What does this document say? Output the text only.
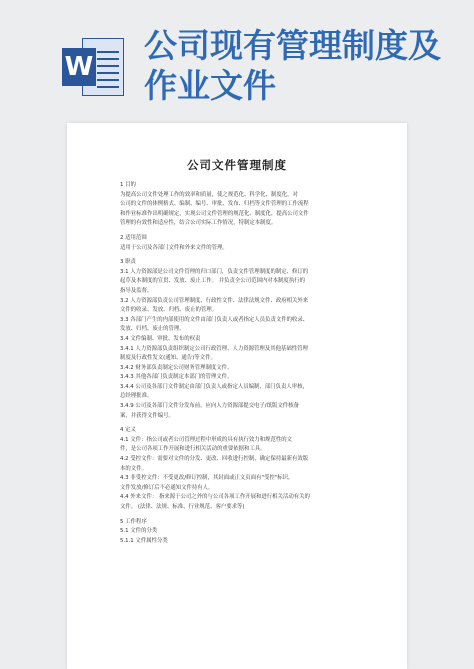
W
公司现有管理制度及作业文件
公司文件管理制度

1 目的

为提高公司文件处理工作的效率和质量，使之规范化、科学化、制度化，对

公司的文件的体例格式、编制、编号、审批、发布、归档等文件管理的工作流程

和作业标准作出明确规定，实现公司文件管理的规范化、制度化，提高公司文件

管理的有效性和适应性，结合公司实际工作情况，特制定本制度。

2 适用范围

适用于公司及各部门文件和外来文件的管理。

3 职责

3.1 人力资源部是公司文件管理的归口部门，负责文件管理制度的制定、修订的

起草及本制度的宣贯、发放、废止工作。 并负责全公司范围内对本制度执行的

指导及监督。

3.2 人力资源部负责公司管理制度、行政性文件、法律法规文件、政府相关外来

文件的收录、发放、归档、废止的管理。

3.3 各部门产生的内部使用的文件由部门负责人或者指定人员负责文件的收录、

发放、归档、废止的管理。

3.4 文件编制、审批、发布的权责

3.4.1 人力资源部负责组织制定公司行政管理、人力资源管理及其他基础性管理

制度及行政性发文(通知、通告)等文件。

3.4.2 财务部负责制定公司财务管理制度文件。

3.4.3 其他各部门负责制定本部门的管理文件。

3.4.4 公司及各部门文件制定由部门负责人或指定人员编制，部门负责人审核，

总经理批准。

3.4.9 公司及各部门文件分发布前，应向人力资源部提交电子/纸版文件核备

案，并获得文件编号。

4 定义

4.1 文件：指公司或者公司管理过程中形成的具有执行效力和规范性的文

件，是公司各项工作开展和进行相关活动的重要依据和工具。

4.2 受控文件：需要对文件的分发、更改、回收进行控制，确定保持最新有效版

本的文件。

4.3 非受控文件：不受更改/修订控制，其封面或正文页面有"受控"标识，

文件发放/修订后不必通知文件持有人。

4.4 外来文件： 指来源于公司之外的与公司各项工作开展和进行相关活动有关的

文件。 (法律、法规、标准、行业规范、客户要求等)

5 工作程序

5.1 文件的分类

5.1.1 文件属性分类
